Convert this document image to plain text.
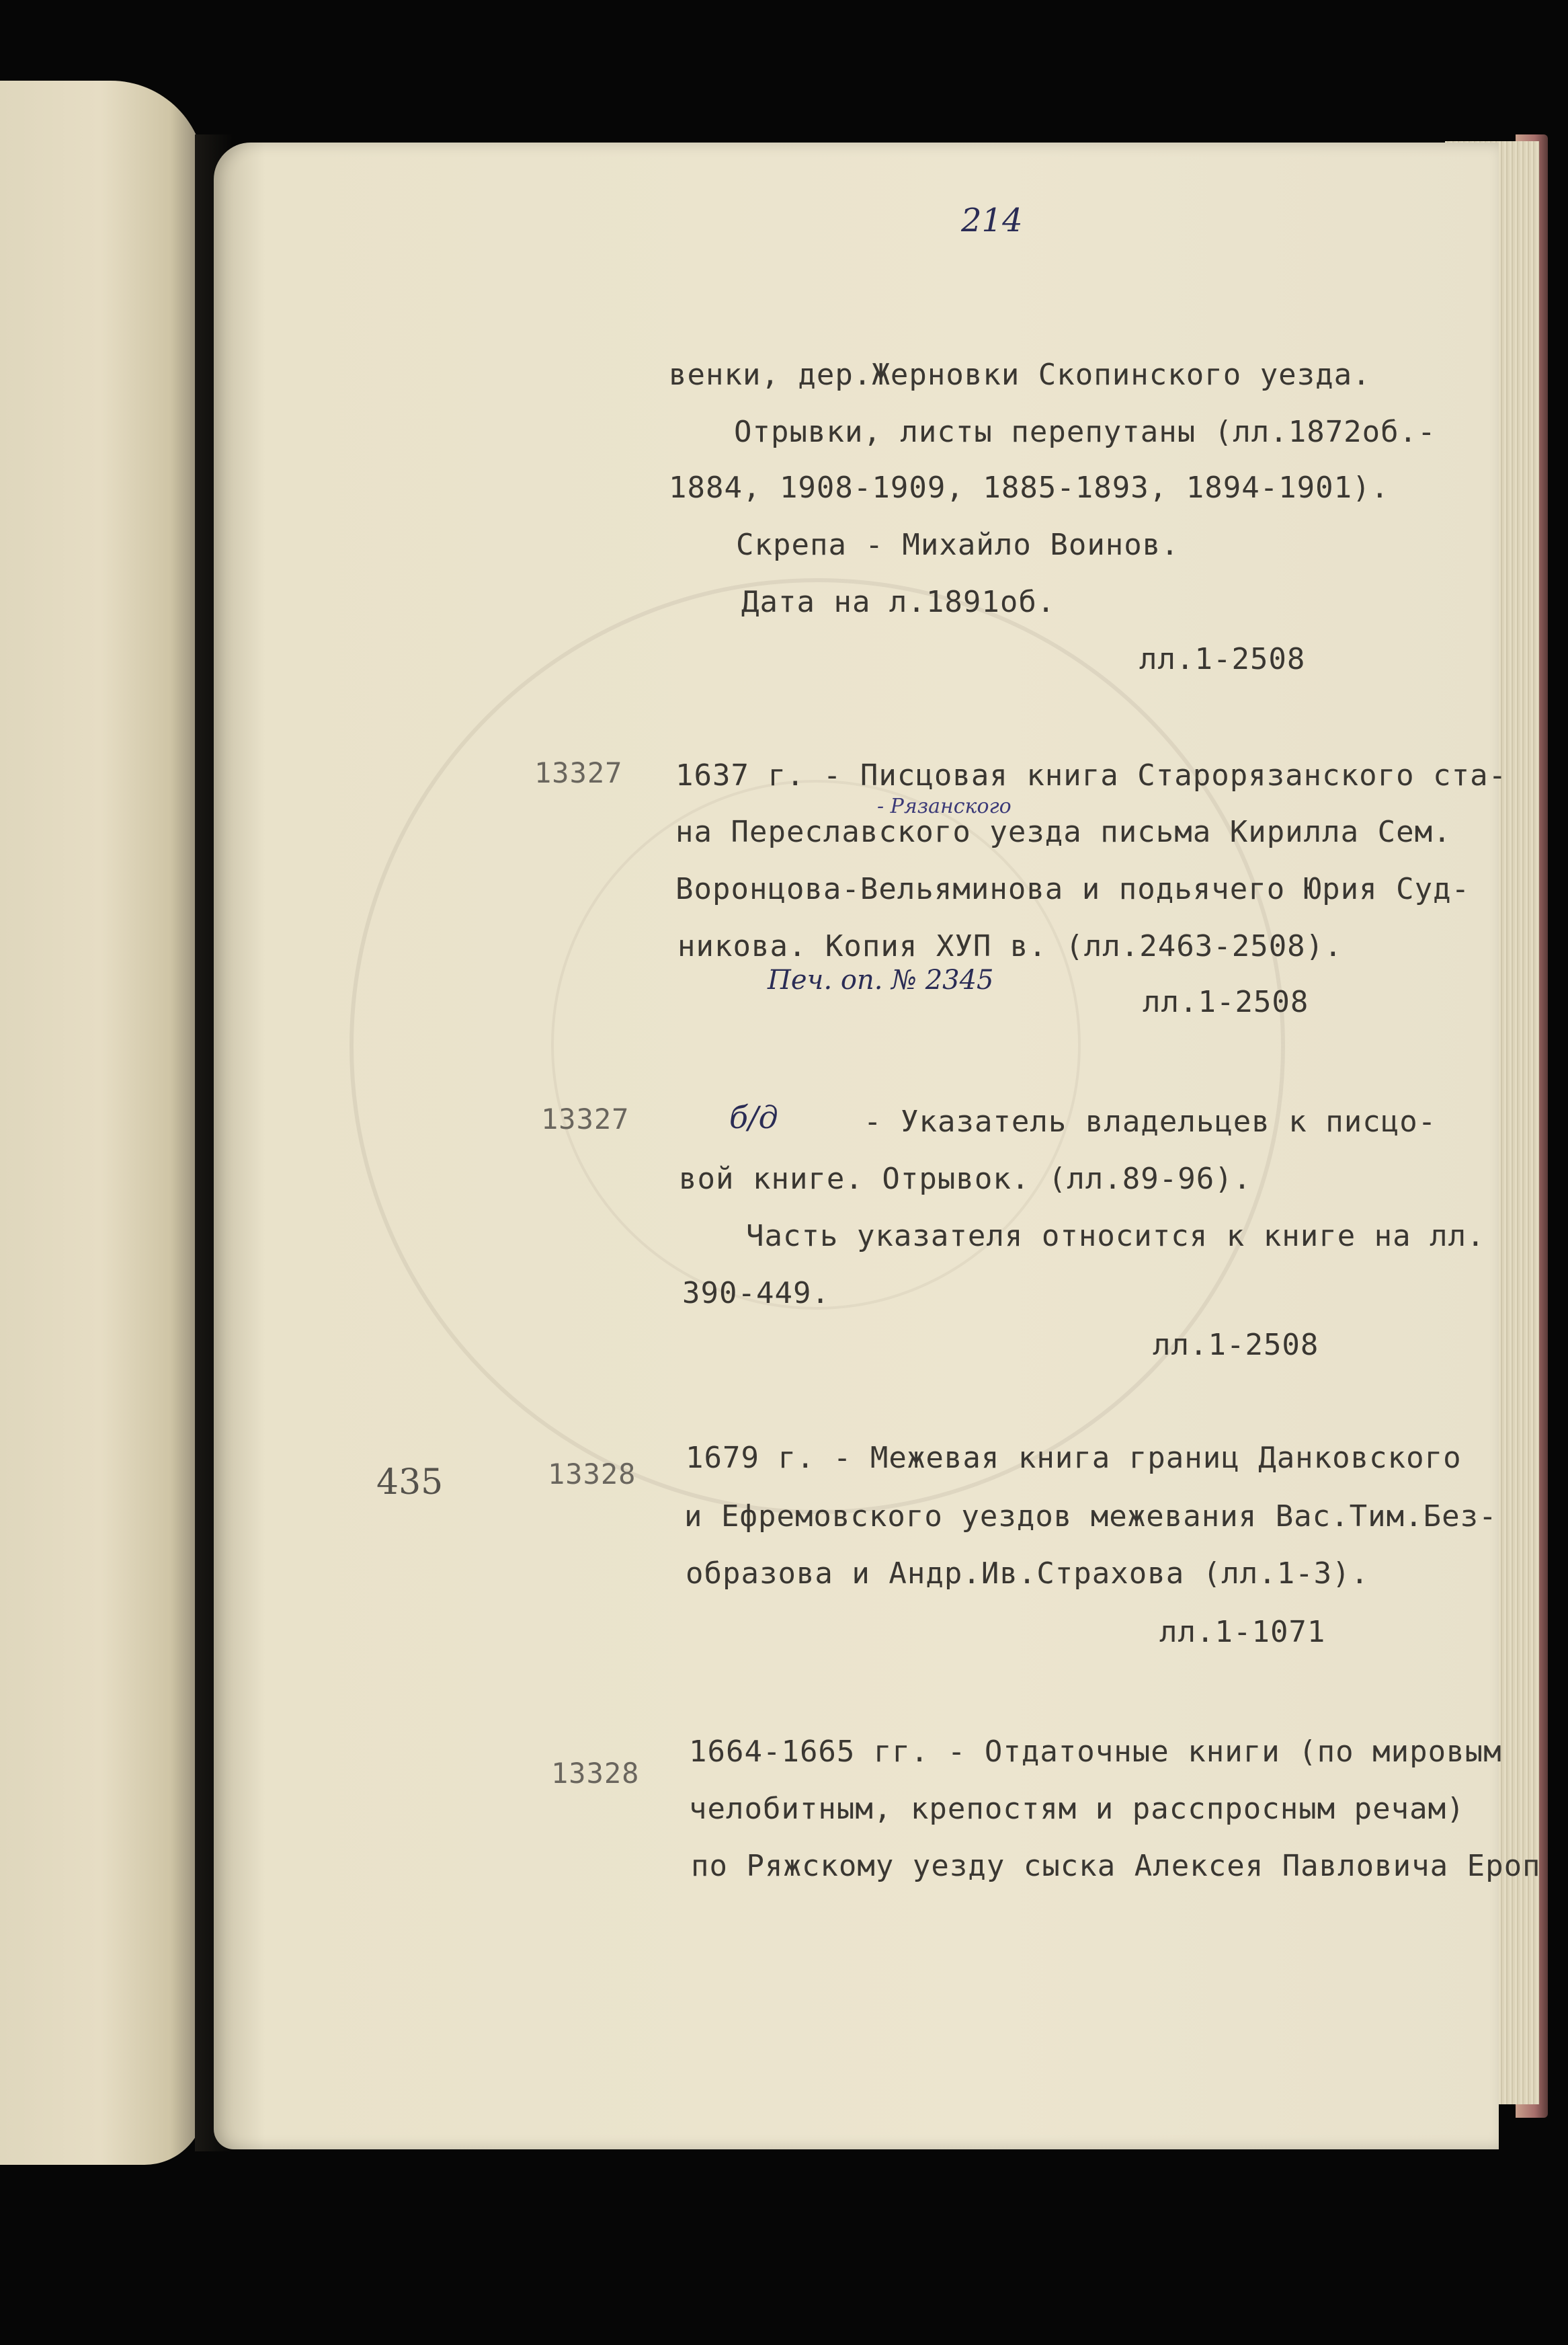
214
венки, дер.Жерновки Скопинского уезда.
Отрывки, листы перепутаны (лл.1872об.-
1884, 1908-1909, 1885-1893, 1894-1901).
Скрепа - Михайло Воинов.
Дата на л.1891об.
лл.1-2508
13327 1637 г. - Писцовая книга Старорязанского ста-
- Рязанского
на Переславского уезда письма Кирилла Сем.
Воронцова-Вельяминова и подьячего Юрия Суд-
никова. Копия XУП в. (лл.2463-2508).
Печ. оп. № 2345
лл.1-2508
13327	б/д	- Указатель владельцев к писцо-
вой книге. Отрывок. (лл.89-96).
Часть указателя относится к книге на лл.
390-449.
лл.1-2508
435	13328 1679 г. - Межевая книга границ Данковского
и Ефремовского уездов межевания Вас.Тим.Без-
образова и Андр.Ив.Страхова (лл.1-3).
лл.1-1071
13328
1664-1665 гг. - Отдаточные книги (по мировым
челобитным, крепостям и расспросным речам)
по Ряжскому уезду сыска Алексея Павловича Ероп
